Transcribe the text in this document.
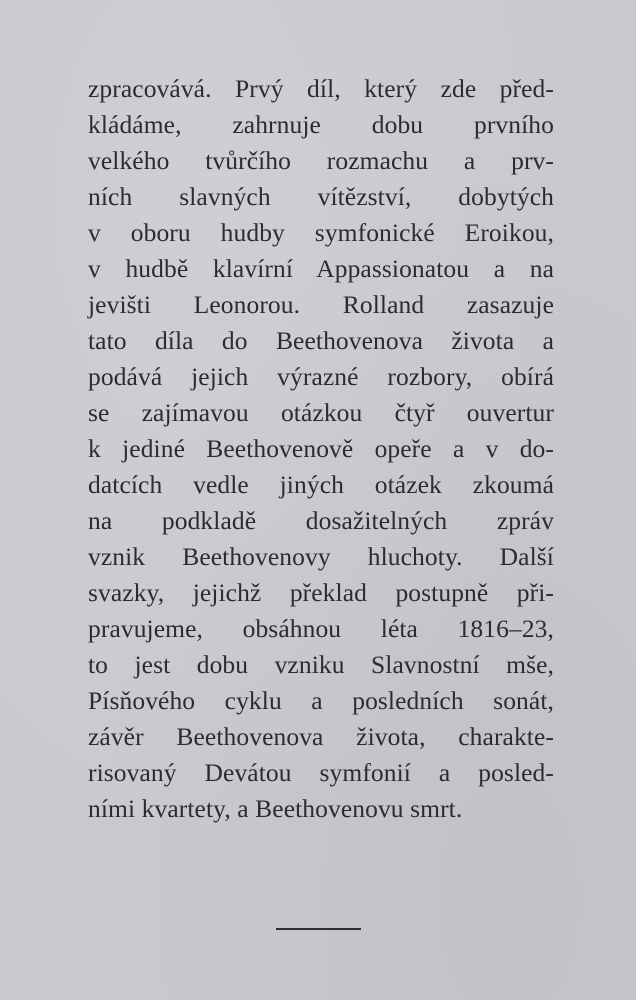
zpracovává. Prvý díl, který zde před-
kládáme, zahrnuje dobu prvního
velkého tvůrčího rozmachu a prv-
ních slavných vítězství, dobytých
v oboru hudby symfonické Eroikou,
v hudbě klavírní Appassionatou a na
jevišti Leonorou. Rolland zasazuje
tato díla do Beethovenova života a
podává jejich výrazné rozbory, obírá
se zajímavou otázkou čtyř ouvertur
k jediné Beethovenově opeře a v do-
datcích vedle jiných otázek zkoumá
na podkladě dosažitelných zpráv
vznik Beethovenovy hluchoty. Další
svazky, jejichž překlad postupně při-
pravujeme, obsáhnou léta 1816–23,
to jest dobu vzniku Slavnostní mše,
Písňového cyklu a posledních sonát,
závěr Beethovenova života, charakte-
risovaný Devátou symfonií a posled-
ními kvartety, a Beethovenovu smrt.
